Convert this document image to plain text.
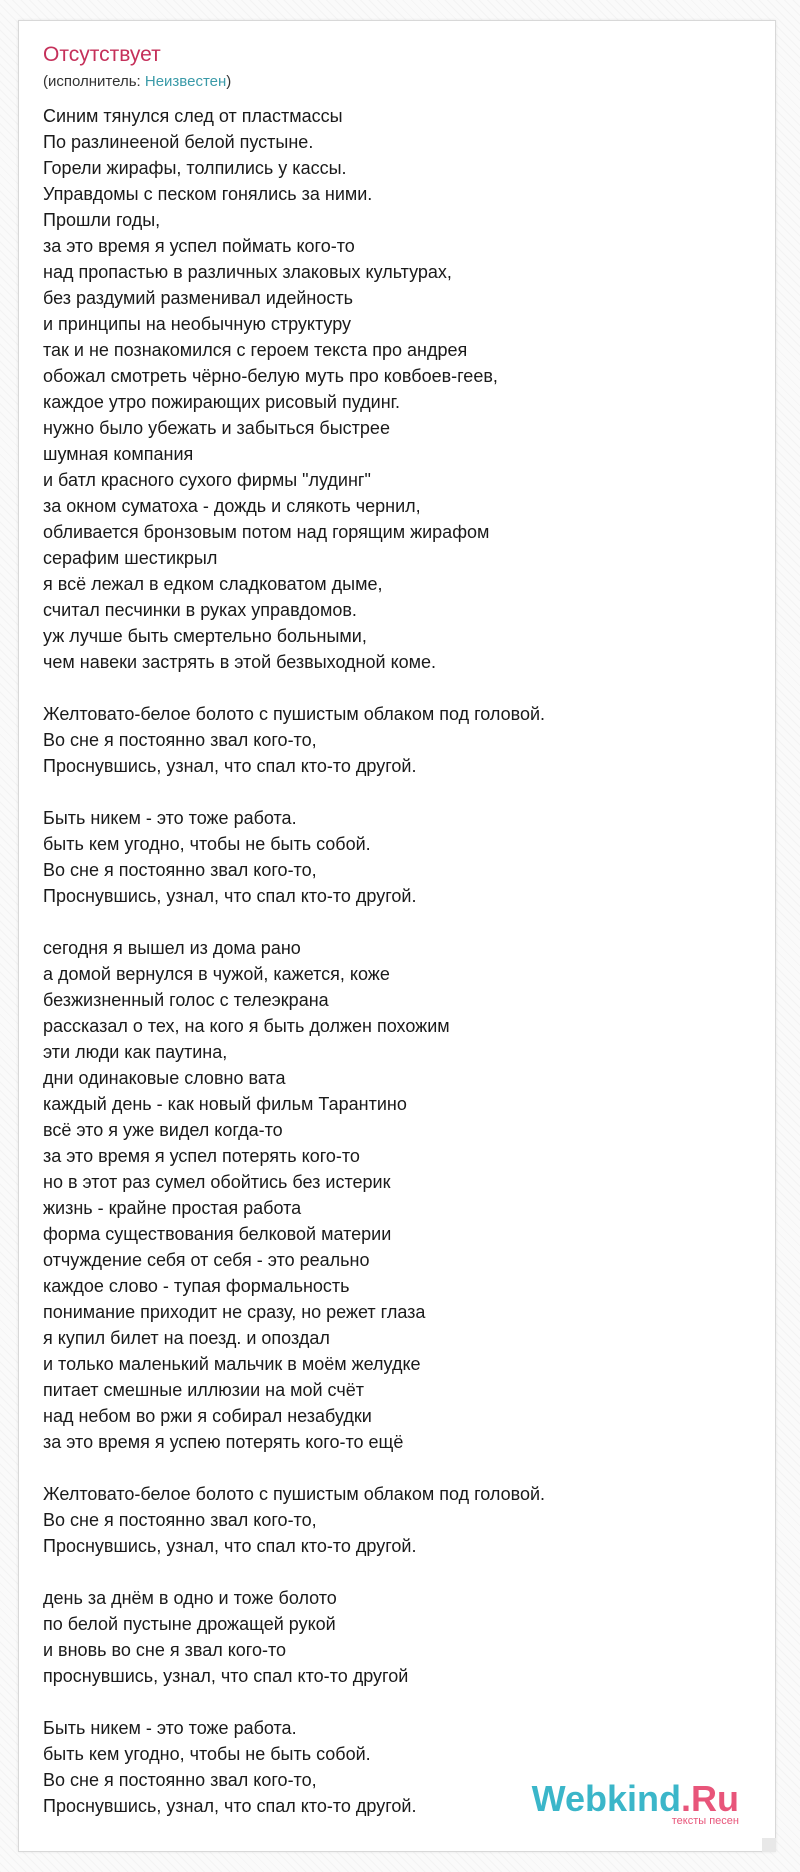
Отсутствует
(исполнитель: Неизвестен)
Синим тянулся след от пластмассы
По разлинееной белой пустыне.
Горели жирафы, толпились у кассы.
Управдомы с песком гонялись за ними.
Прошли годы,
за это время я успел поймать кого-то
над пропастью в различных злаковых культурах,
без раздумий разменивал идейность
и принципы на необычную структуру
так и не познакомился с героем текста про андрея
обожал смотреть чёрно-белую муть про ковбоев-геев,
каждое утро пожирающих рисовый пудинг.
нужно было убежать и забыться быстрее
шумная компания
и батл красного сухого фирмы "лудинг"
за окном суматоха - дождь и слякоть чернил,
обливается бронзовым потом над горящим жирафом
серафим шестикрыл
я всё лежал в едком сладковатом дыме,
считал песчинки в руках управдомов.
уж лучше быть смертельно больными,
чем навеки застрять в этой безвыходной коме.
Желтовато-белое болото с пушистым облаком под головой.
Во сне я постоянно звал кого-то,
Проснувшись, узнал, что спал кто-то другой.
Быть никем - это тоже работа.
быть кем угодно, чтобы не быть собой.
Во сне я постоянно звал кого-то,
Проснувшись, узнал, что спал кто-то другой.
сегодня я вышел из дома рано
а домой вернулся в чужой, кажется, коже
безжизненный голос с телеэкрана
рассказал о тех, на кого я быть должен похожим
эти люди как паутина,
дни одинаковые словно вата
каждый день - как новый фильм Тарантино
всё это я уже видел когда-то
за это время я успел потерять кого-то
но в этот раз сумел обойтись без истерик
жизнь - крайне простая работа
форма существования белковой материи
отчуждение себя от себя - это реально
каждое слово - тупая формальность
понимание приходит не сразу, но режет глаза
я купил билет на поезд. и опоздал
и только маленький мальчик в моём желудке
питает смешные иллюзии на мой счёт
над небом во ржи я собирал незабудки
за это время я успею потерять кого-то ещё
Желтовато-белое болото с пушистым облаком под головой.
Во сне я постоянно звал кого-то,
Проснувшись, узнал, что спал кто-то другой.
день за днём в одно и тоже болото
по белой пустыне дрожащей рукой
и вновь во сне я звал кого-то
проснувшись, узнал, что спал кто-то другой
Быть никем - это тоже работа.
быть кем угодно, чтобы не быть собой.
Во сне я постоянно звал кого-то,
Проснувшись, узнал, что спал кто-то другой.	Webkind.Ru
тексты песен
